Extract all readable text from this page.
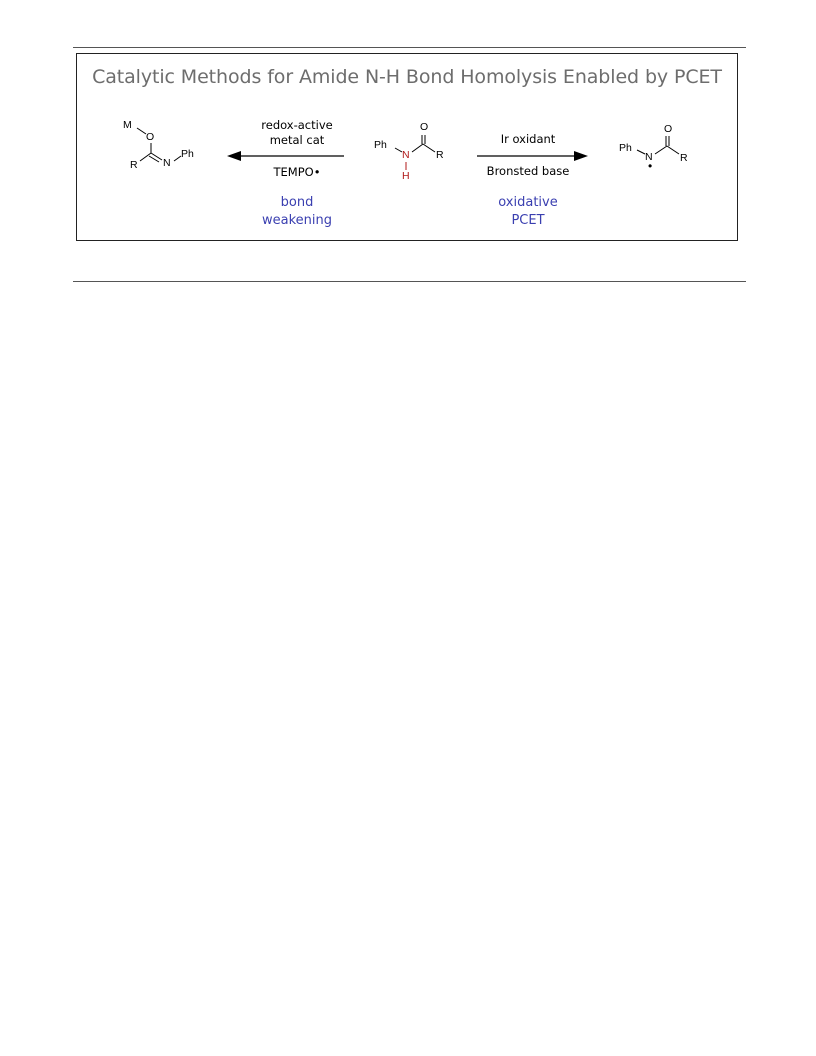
Catalytic Methods for Amide N-H Bond Homolysis Enabled by PCET
M
O
R N
Ph
Ph
N
H
O
R
Ph
N
•
O
R
redox-active
metal cat
TEMPO•
bond
weakening
Ir oxidant
Bronsted base
oxidative
PCET
